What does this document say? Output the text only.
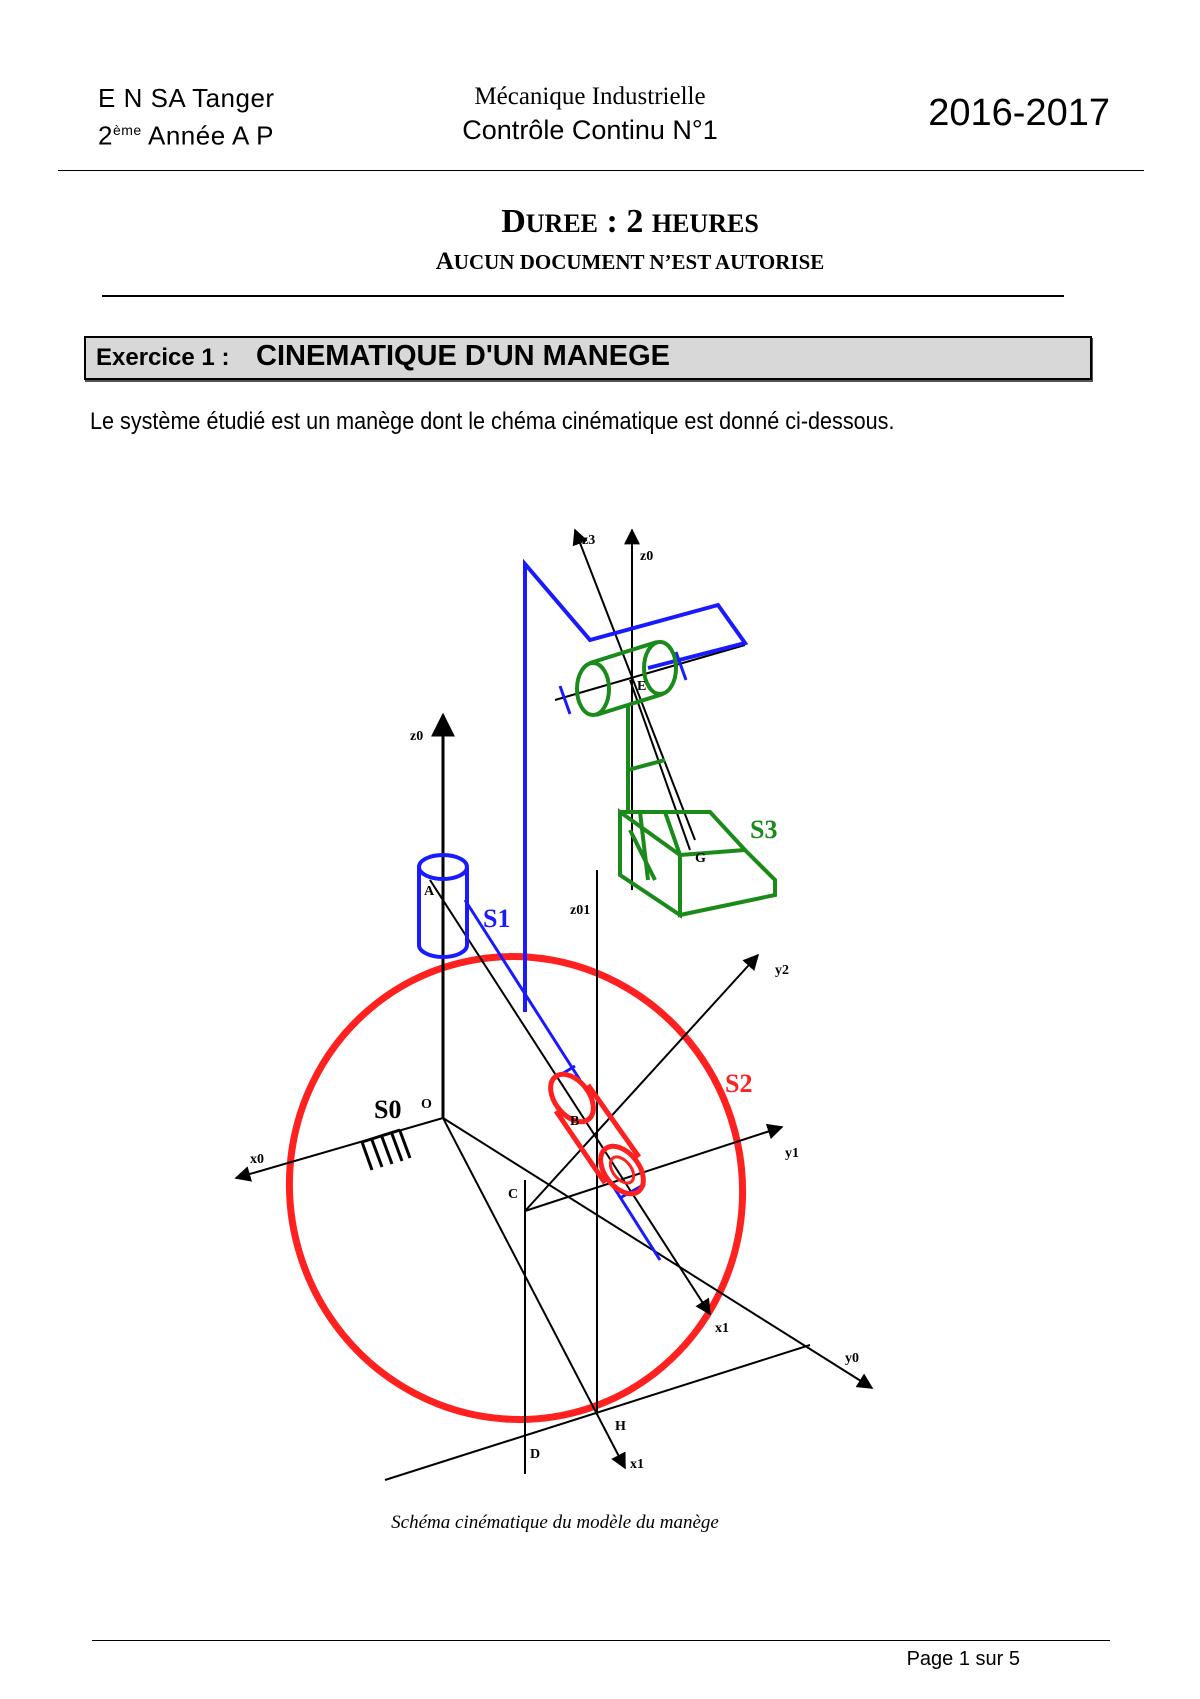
E N SA Tanger
2ème Année A P
Mécanique Industrielle
Contrôle Continu N°1	2016-2017
DUREE : 2 HEURES
AUCUN DOCUMENT N’EST AUTORISE
Exercice 1 : CINEMATIQUE D'UN MANEGE
Le système étudié est un manège dont le chéma cinématique est donné ci-dessous.
z3
z0
E
z0
S3
G
A
S1	z01
y2
S2
S0 O
B
x0	y1
C
x1
y0
H
D
x1
Schéma cinématique du modèle du manège
Page 1 sur 5
